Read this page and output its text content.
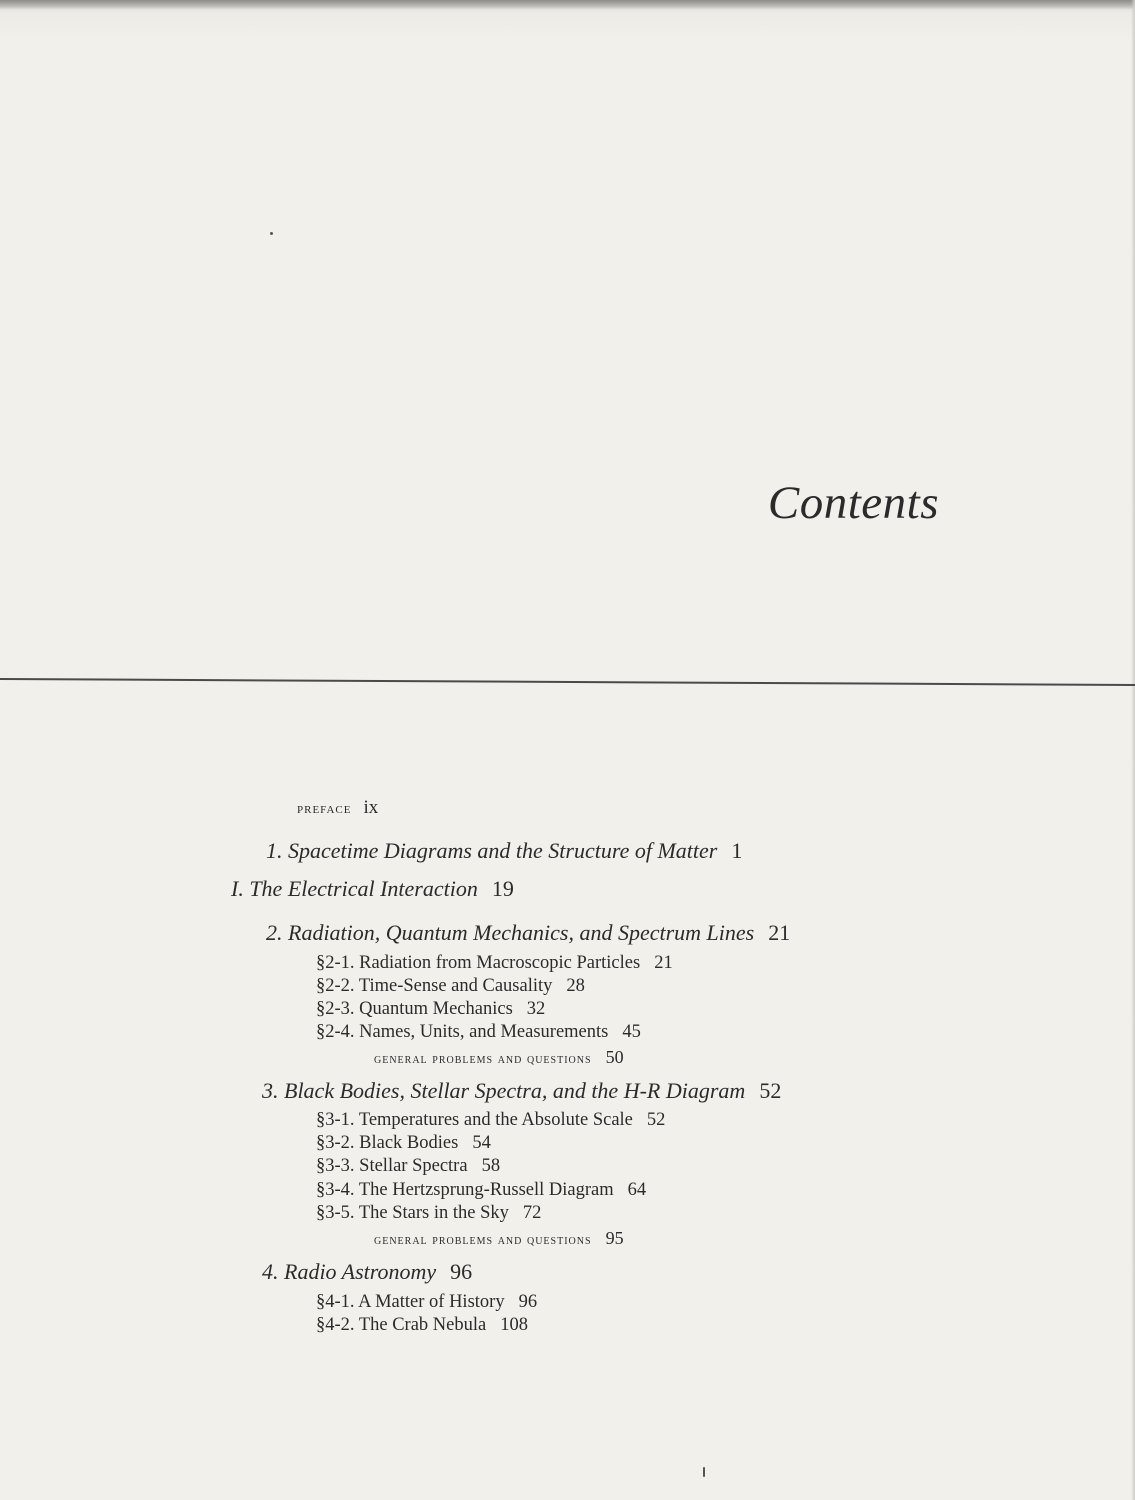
Contents
preface ix
1. Spacetime Diagrams and the Structure of Matter 1
I. The Electrical Interaction 19
2. Radiation, Quantum Mechanics, and Spectrum Lines 21
§2-1. Radiation from Macroscopic Particles 21
§2-2. Time-Sense and Causality 28
§2-3. Quantum Mechanics 32
§2-4. Names, Units, and Measurements 45
general problems and questions 50
3. Black Bodies, Stellar Spectra, and the H-R Diagram 52
§3-1. Temperatures and the Absolute Scale 52
§3-2. Black Bodies 54
§3-3. Stellar Spectra 58
§3-4. The Hertzsprung-Russell Diagram 64
§3-5. The Stars in the Sky 72
general problems and questions 95
4. Radio Astronomy 96
§4-1. A Matter of History 96
§4-2. The Crab Nebula 108
